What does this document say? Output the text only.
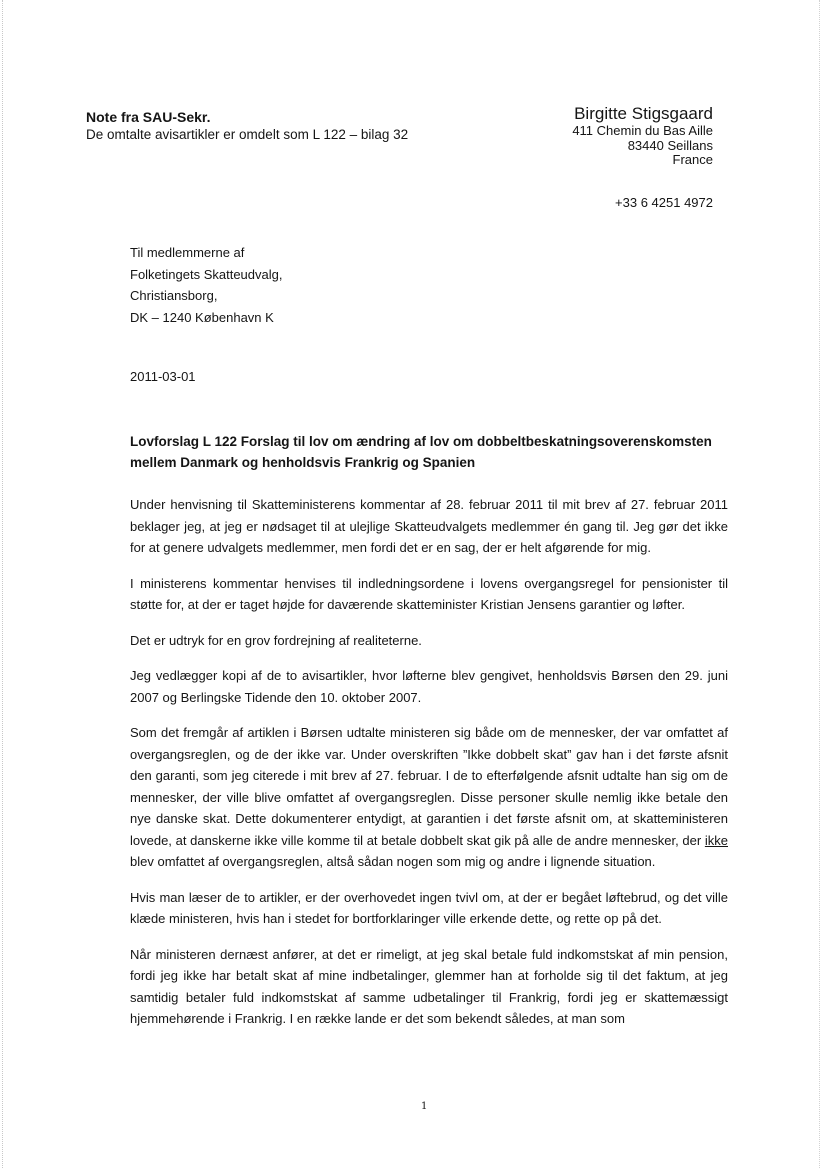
Note fra SAU-Sekr.
De omtalte avisartikler er omdelt som L 122 – bilag 32
Birgitte Stigsgaard
411 Chemin du Bas Aille
83440 Seillans
France
+33 6 4251 4972
Til medlemmerne af
Folketingets Skatteudvalg,
Christiansborg,
DK – 1240 København K
2011-03-01
Lovforslag L 122 Forslag til lov om ændring af lov om dobbeltbeskatningsoverenskomsten mellem Danmark og henholdsvis Frankrig og Spanien

Under henvisning til Skatteministerens kommentar af 28. februar 2011 til mit brev af 27. februar 2011 beklager jeg, at jeg er nødsaget til at ulejlige Skatteudvalgets medlemmer én gang til. Jeg gør det ikke for at genere udvalgets medlemmer, men fordi det er en sag, der er helt afgørende for mig.

I ministerens kommentar henvises til indledningsordene i lovens overgangsregel for pensionister til støtte for, at der er taget højde for daværende skatteminister Kristian Jensens garantier og løfter.

Det er udtryk for en grov fordrejning af realiteterne.

Jeg vedlægger kopi af de to avisartikler, hvor løfterne blev gengivet, henholdsvis Børsen den 29. juni 2007 og Berlingske Tidende den 10. oktober 2007.

Som det fremgår af artiklen i Børsen udtalte ministeren sig både om de mennesker, der var omfattet af overgangsreglen, og de der ikke var. Under overskriften ”Ikke dobbelt skat” gav han i det første afsnit den garanti, som jeg citerede i mit brev af 27. februar. I de to efterfølgende afsnit udtalte han sig om de mennesker, der ville blive omfattet af overgangsreglen. Disse personer skulle nemlig ikke betale den nye danske skat. Dette dokumenterer entydigt, at garantien i det første afsnit om, at skatteministeren lovede, at danskerne ikke ville komme til at betale dobbelt skat gik på alle de andre mennesker, der ikke blev omfattet af overgangsreglen, altså sådan nogen som mig og andre i lignende situation.

Hvis man læser de to artikler, er der overhovedet ingen tvivl om, at der er begået løftebrud, og det ville klæde ministeren, hvis han i stedet for bortforklaringer ville erkende dette, og rette op på det.

Når ministeren dernæst anfører, at det er rimeligt, at jeg skal betale fuld indkomstskat af min pension, fordi jeg ikke har betalt skat af mine indbetalinger, glemmer han at forholde sig til det faktum, at jeg samtidig betaler fuld indkomstskat af samme udbetalinger til Frankrig, fordi jeg er skattemæssigt hjemmehørende i Frankrig. I en række lande er det som bekendt således, at man som

1
